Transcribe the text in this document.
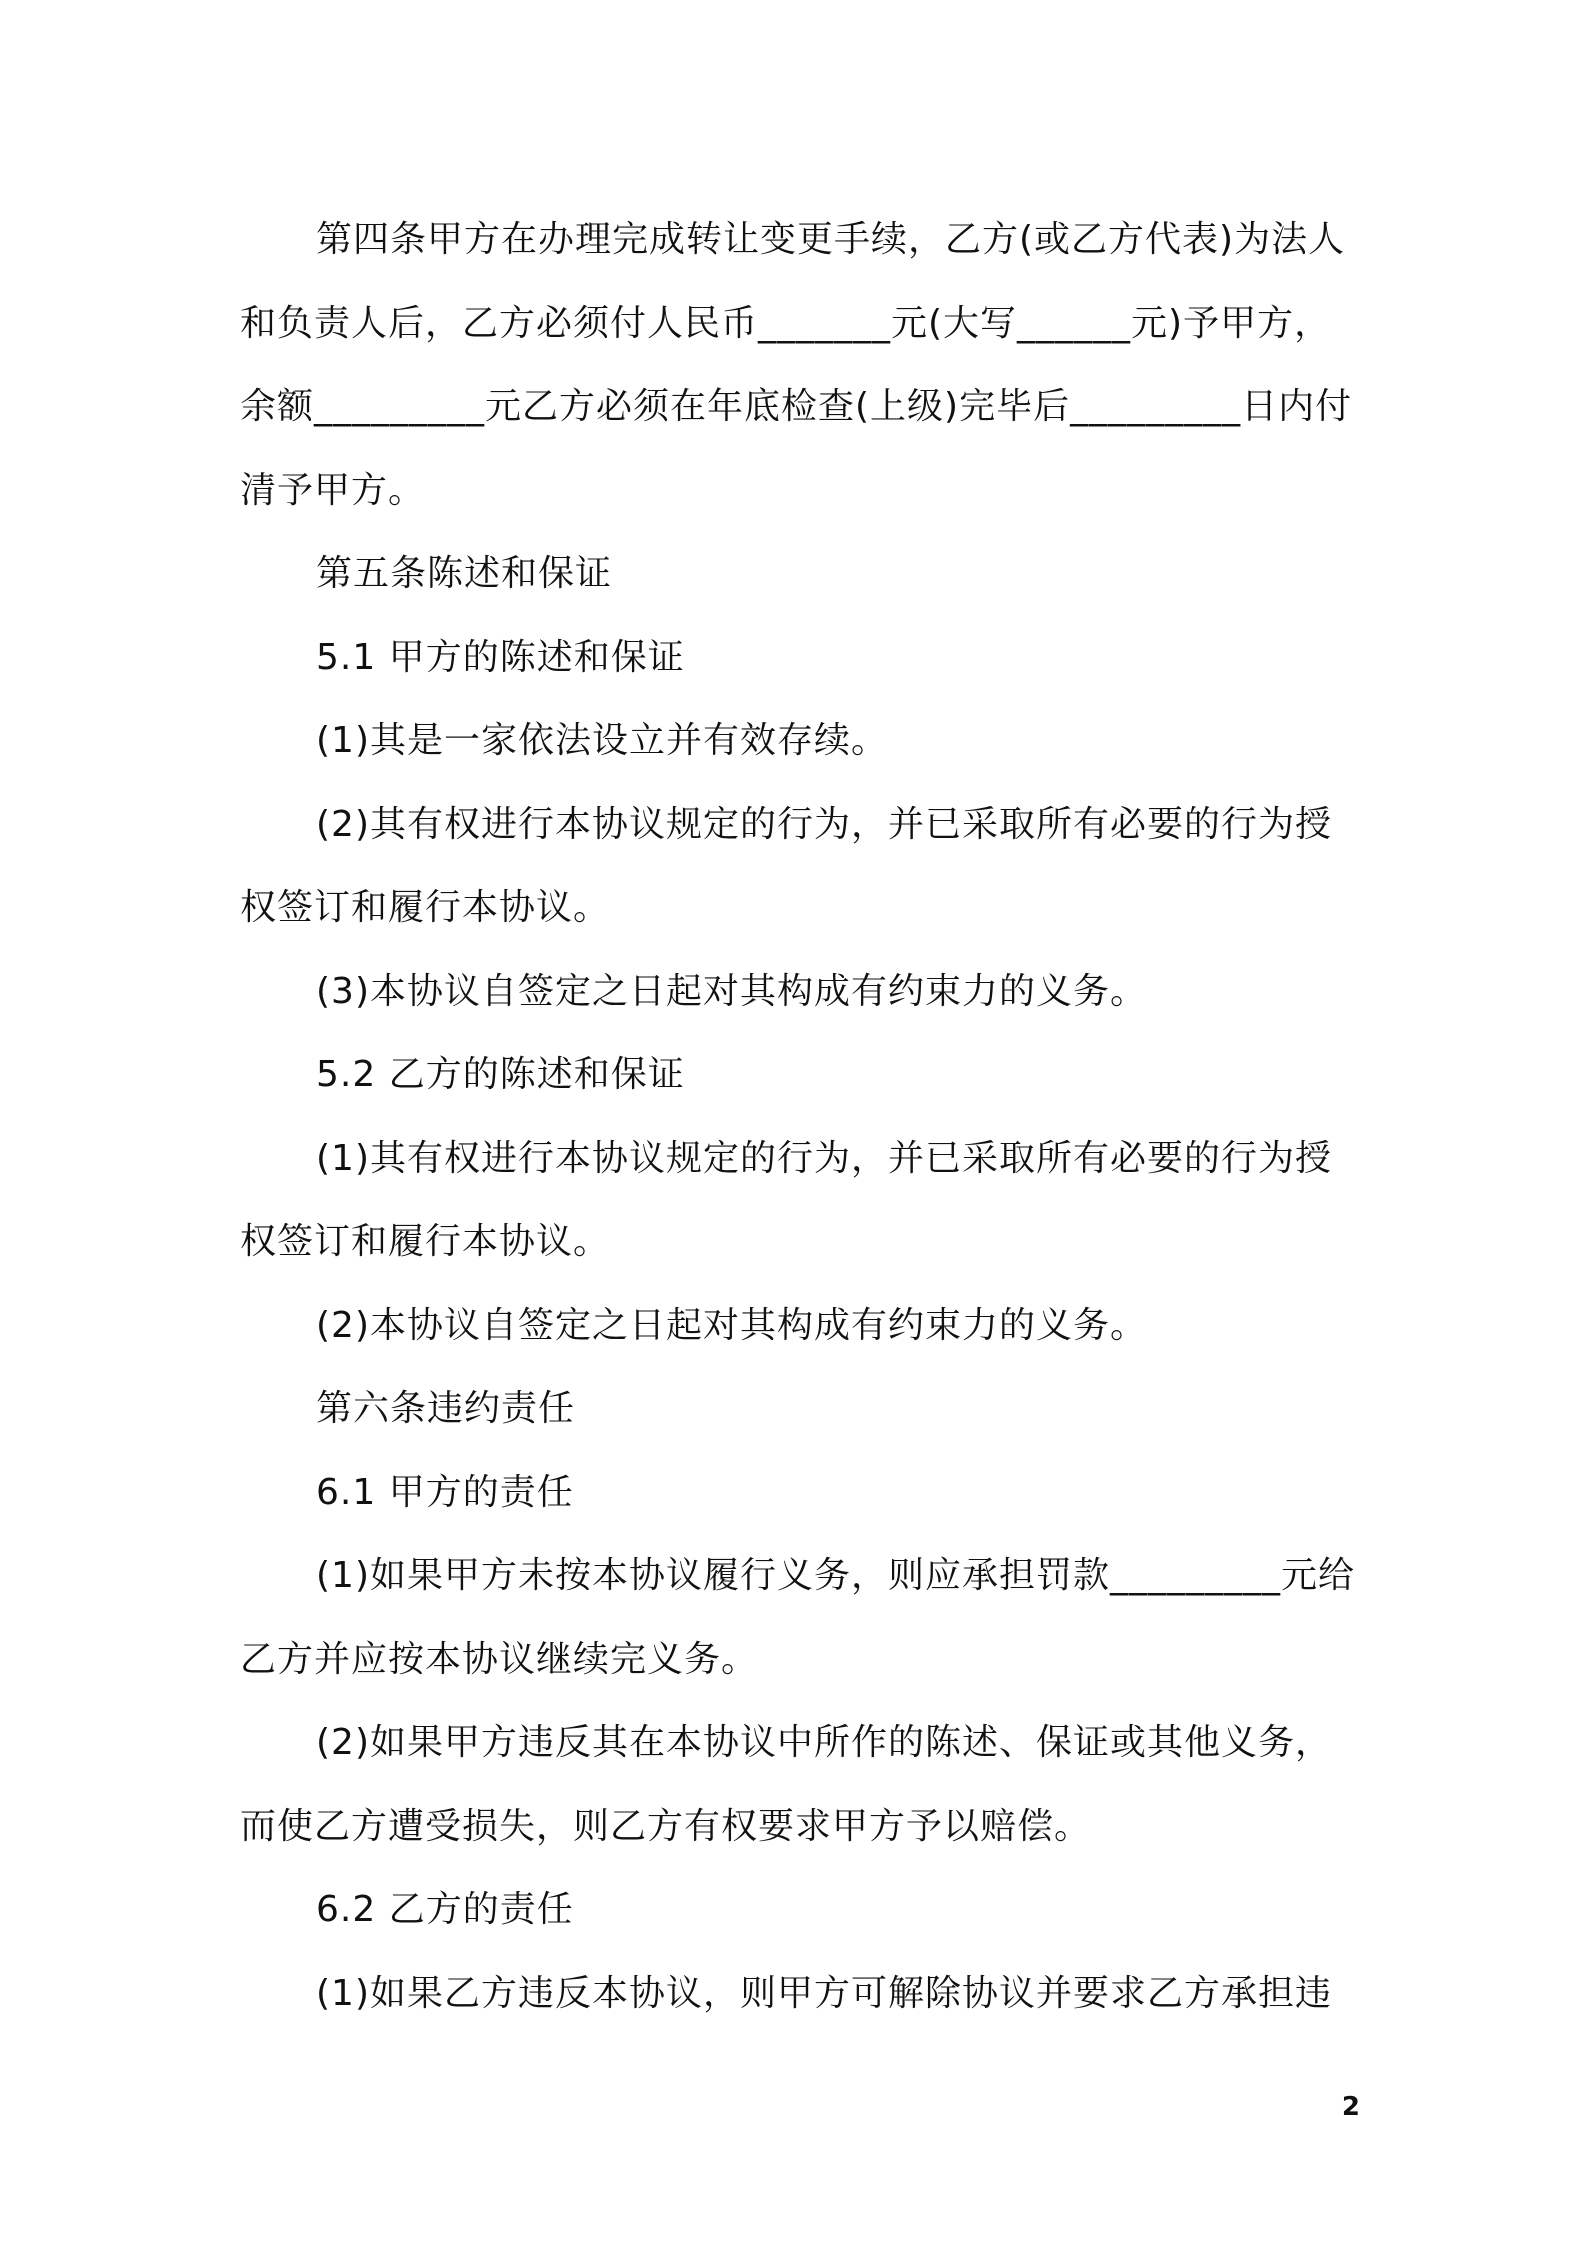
第四条甲方在办理完成转让变更手续，乙方(或乙方代表)为法人和负责人后，乙方必须付人民币_______元(大写______元)予甲方，余额_________元乙方必须在年底检查(上级)完毕后_________日内付清予甲方。

第五条陈述和保证

5.1 甲方的陈述和保证

(1)其是一家依法设立并有效存续。

(2)其有权进行本协议规定的行为，并已采取所有必要的行为授权签订和履行本协议。

(3)本协议自签定之日起对其构成有约束力的义务。

5.2 乙方的陈述和保证

(1)其有权进行本协议规定的行为，并已采取所有必要的行为授权签订和履行本协议。

(2)本协议自签定之日起对其构成有约束力的义务。

第六条违约责任

6.1 甲方的责任

(1)如果甲方未按本协议履行义务，则应承担罚款_________元给乙方并应按本协议继续完义务。

(2)如果甲方违反其在本协议中所作的陈述、保证或其他义务，而使乙方遭受损失，则乙方有权要求甲方予以赔偿。

6.2 乙方的责任

(1)如果乙方违反本协议，则甲方可解除协议并要求乙方承担违

2
